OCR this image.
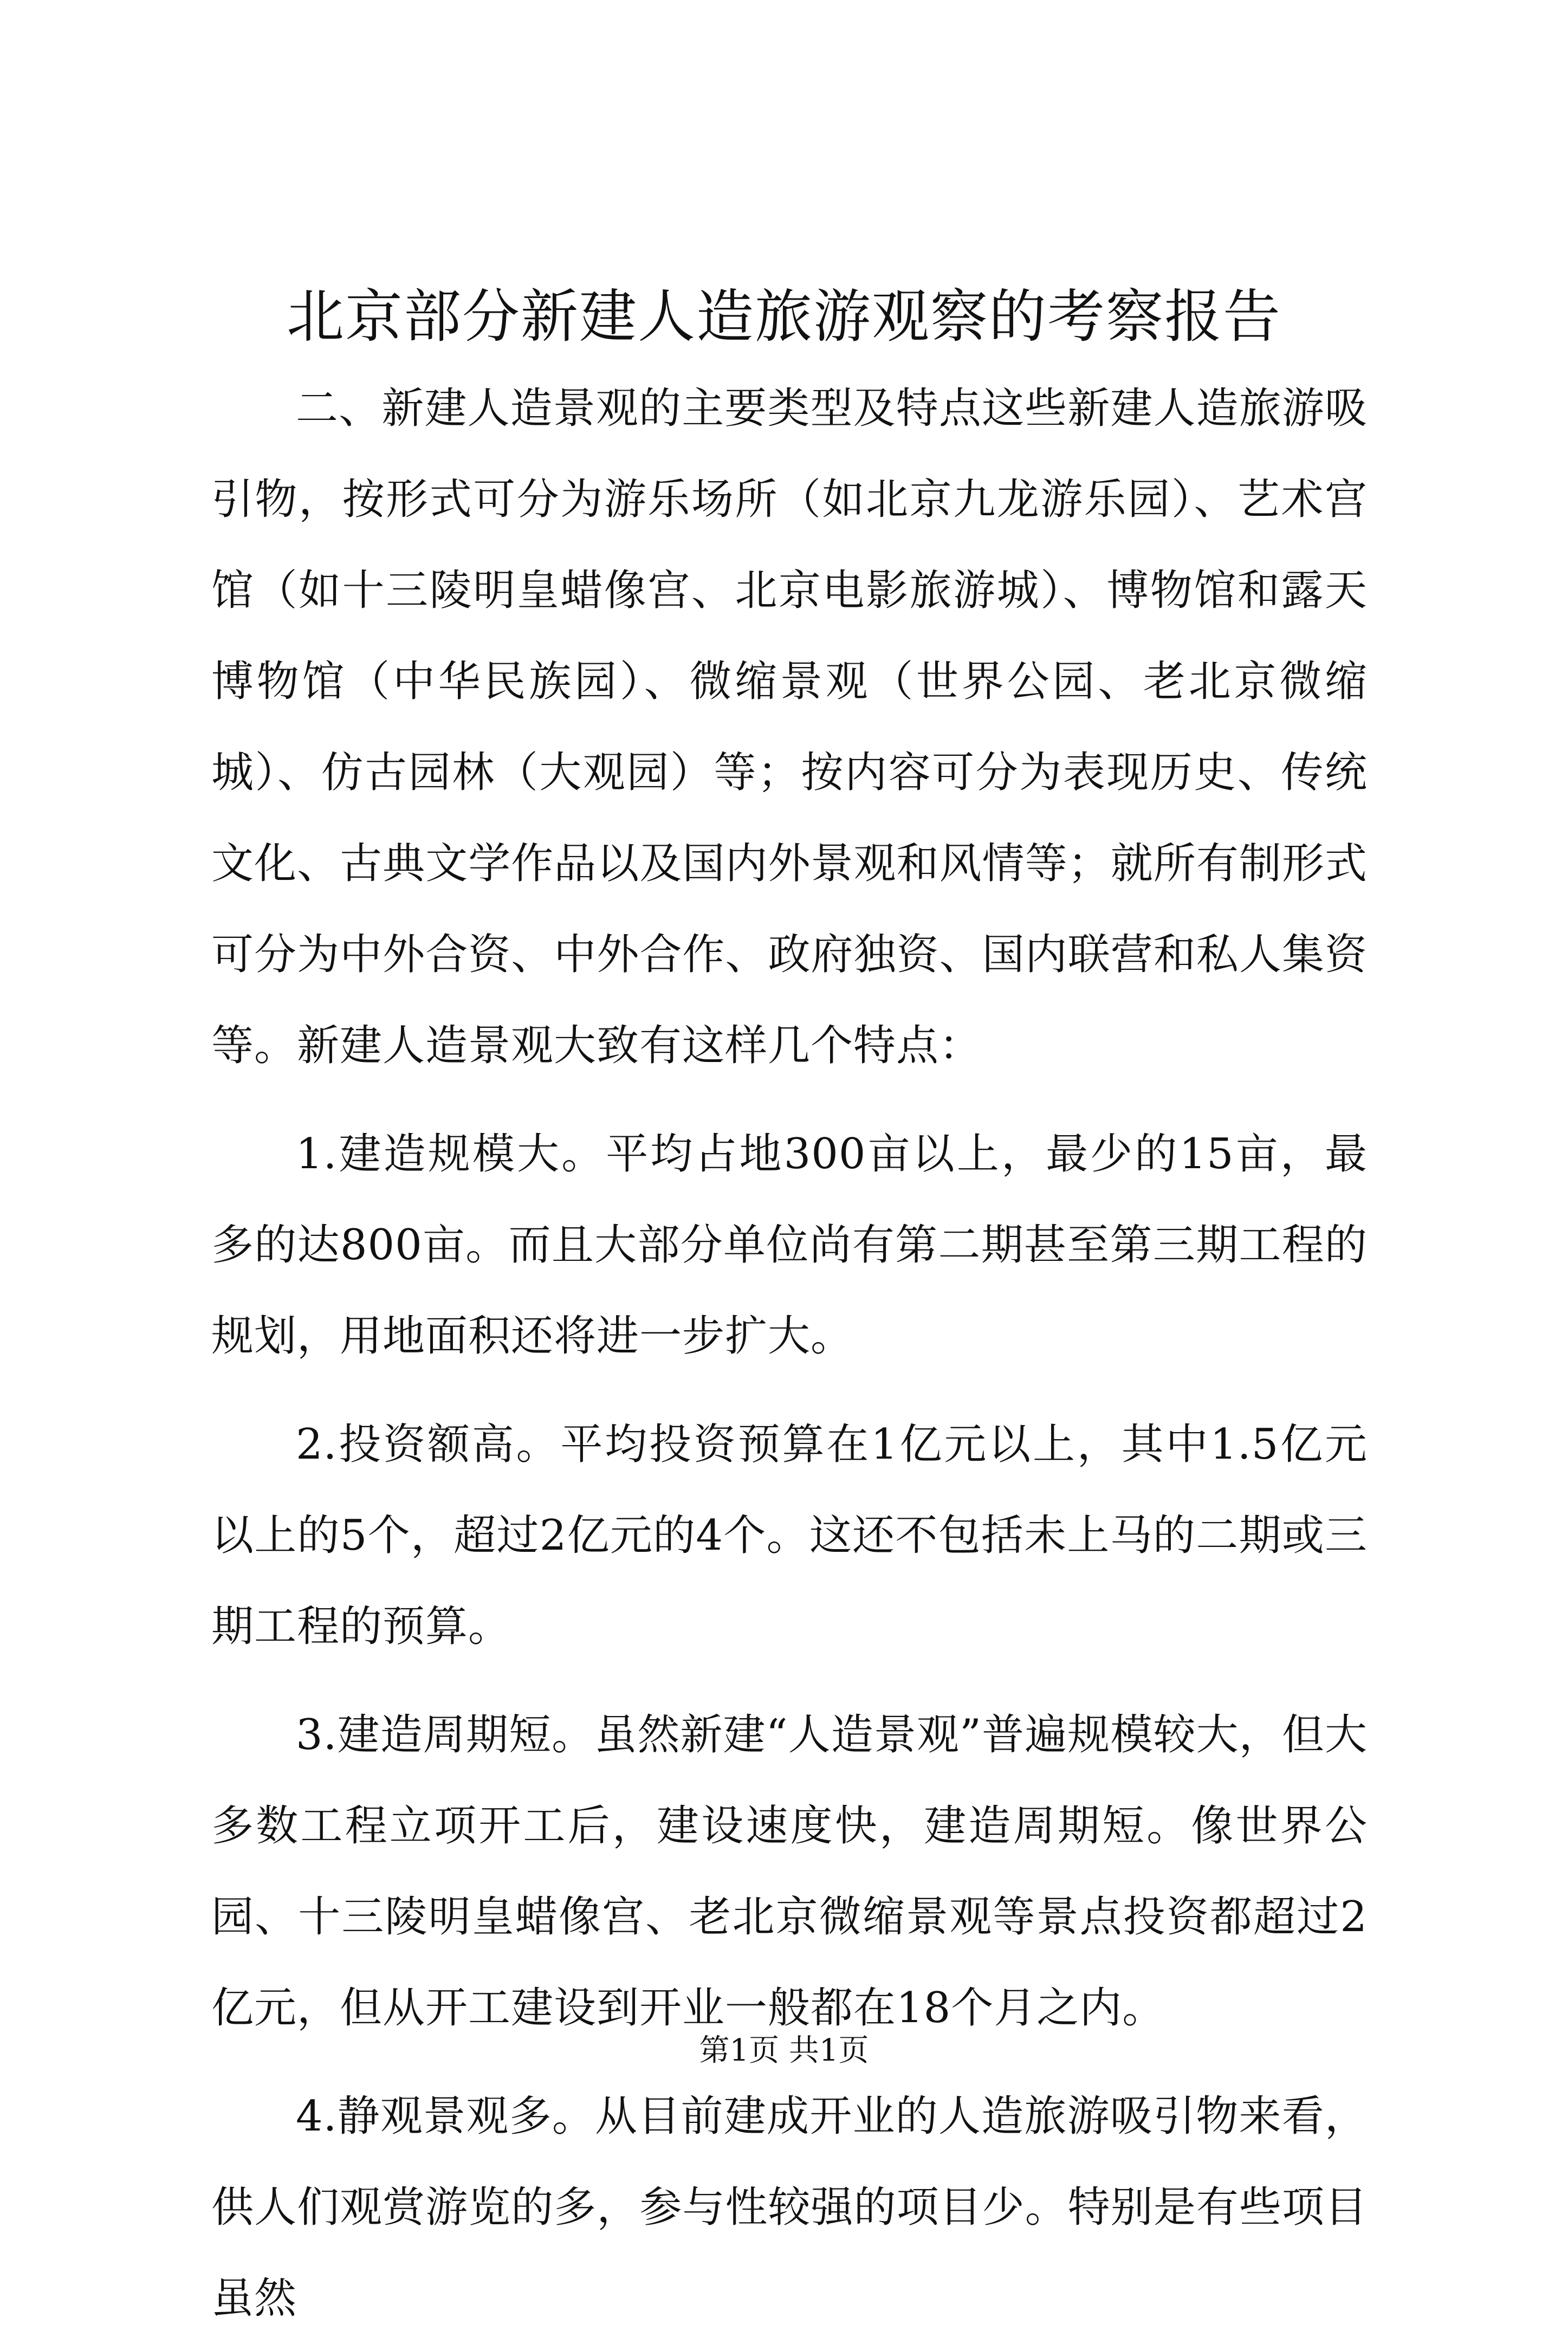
北京部分新建人造旅游观察的考察报告

二、新建人造景观的主要类型及特点这些新建人造旅游吸引物，按形式可分为游乐场所（如北京九龙游乐园）、艺术宫馆（如十三陵明皇蜡像宫、北京电影旅游城）、博物馆和露天博物馆（中华民族园）、微缩景观（世界公园、老北京微缩城）、仿古园林（大观园）等；按内容可分为表现历史、传统文化、古典文学作品以及国内外景观和风情等；就所有制形式可分为中外合资、中外合作、政府独资、国内联营和私人集资等。新建人造景观大致有这样几个特点：

1.建造规模大。平均占地300亩以上，最少的15亩，最多的达800亩。而且大部分单位尚有第二期甚至第三期工程的规划，用地面积还将进一步扩大。

2.投资额高。平均投资预算在1亿元以上，其中1.5亿元以上的5个，超过2亿元的4个。这还不包括未上马的二期或三期工程的预算。

3.建造周期短。虽然新建“人造景观”普遍规模较大，但大多数工程立项开工后，建设速度快，建造周期短。像世界公园、十三陵明皇蜡像宫、老北京微缩景观等景点投资都超过2亿元，但从开工建设到开业一般都在18个月之内。

4.静观景观多。从目前建成开业的人造旅游吸引物来看，供人们观赏游览的多，参与性较强的项目少。特别是有些项目虽然

第1页 共1页
